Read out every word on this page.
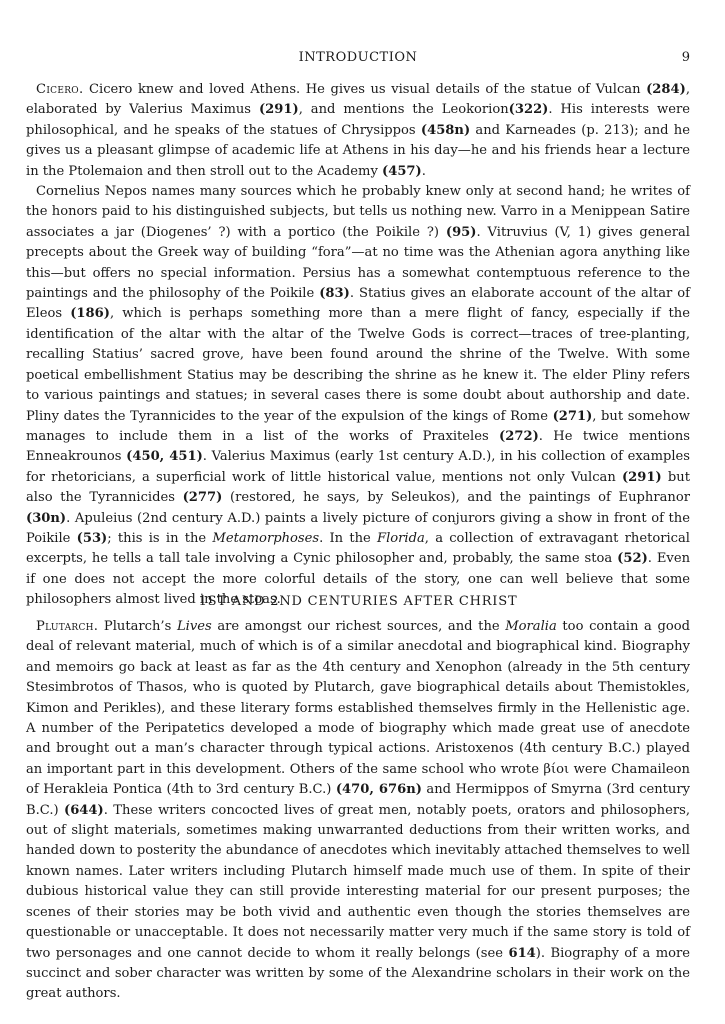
INTRODUCTION	9

Cicero. Cicero knew and loved Athens. He gives us visual details of the statue of Vulcan (284), elaborated by Valerius Maximus (291), and mentions the Leokorion(322). His interests were philosophical, and he speaks of the statues of Chrysippos (458n) and Karneades (p. 213); and he gives us a pleasant glimpse of academic life at Athens in his day—he and his friends hear a lecture in the Ptolemaion and then stroll out to the Academy (457).

Cornelius Nepos names many sources which he probably knew only at second hand; he writes of the honors paid to his distinguished subjects, but tells us nothing new. Varro in a Menippean Satire associates a jar (Diogenes’ ?) with a portico (the Poikile ?) (95). Vitruvius (V, 1) gives general precepts about the Greek way of building “fora”—at no time was the Athenian agora anything like this—but offers no special information. Persius has a somewhat contemptuous reference to the paintings and the philosophy of the Poikile (83). Statius gives an elaborate account of the altar of Eleos (186), which is perhaps something more than a mere flight of fancy, especially if the identification of the altar with the altar of the Twelve Gods is correct—traces of tree-planting, recalling Statius’ sacred grove, have been found around the shrine of the Twelve. With some poetical embellishment Statius may be describing the shrine as he knew it. The elder Pliny refers to various paintings and statues; in several cases there is some doubt about authorship and date. Pliny dates the Tyrannicides to the year of the expulsion of the kings of Rome (271), but somehow manages to include them in a list of the works of Praxiteles (272). He twice mentions Enneakrounos (450, 451). Valerius Maximus (early 1st century A.D.), in his collection of examples for rhetoricians, a superficial work of little historical value, mentions not only Vulcan (291) but also the Tyrannicides (277) (restored, he says, by Seleukos), and the paintings of Euphranor (30n). Apuleius (2nd century A.D.) paints a lively picture of conjurors giving a show in front of the Poikile (53); this is in the Metamorphoses. In the Florida, a collection of extravagant rhetorical excerpts, he tells a tall tale involving a Cynic philosopher and, probably, the same stoa (52). Even if one does not accept the more colorful details of the story, one can well believe that some philosophers almost lived in the stoas.

1ST AND 2ND CENTURIES AFTER CHRIST

Plutarch. Plutarch’s Lives are amongst our richest sources, and the Moralia too contain a good deal of relevant material, much of which is of a similar anecdotal and biographical kind. Biography and memoirs go back at least as far as the 4th century and Xenophon (already in the 5th century Stesimbrotos of Thasos, who is quoted by Plutarch, gave biographical details about Themistokles, Kimon and Perikles), and these literary forms established themselves firmly in the Hellenistic age. A number of the Peripatetics developed a mode of biography which made great use of anecdote and brought out a man’s character through typical actions. Aristoxenos (4th century B.C.) played an important part in this development. Others of the same school who wrote βίοι were Chamaileon of Herakleia Pontica (4th to 3rd century B.C.) (470, 676n) and Hermippos of Smyrna (3rd century B.C.) (644). These writers concocted lives of great men, notably poets, orators and philosophers, out of slight materials, sometimes making unwarranted deductions from their written works, and handed down to posterity the abundance of anecdotes which inevitably attached themselves to well known names. Later writers including Plutarch himself made much use of them. In spite of their dubious historical value they can still provide interesting material for our present purposes; the scenes of their stories may be both vivid and authentic even though the stories themselves are questionable or unacceptable. It does not necessarily matter very much if the same story is told of two personages and one cannot decide to whom it really belongs (see 614). Biography of a more succinct and sober character was written by some of the Alexandrine scholars in their work on the great authors.
